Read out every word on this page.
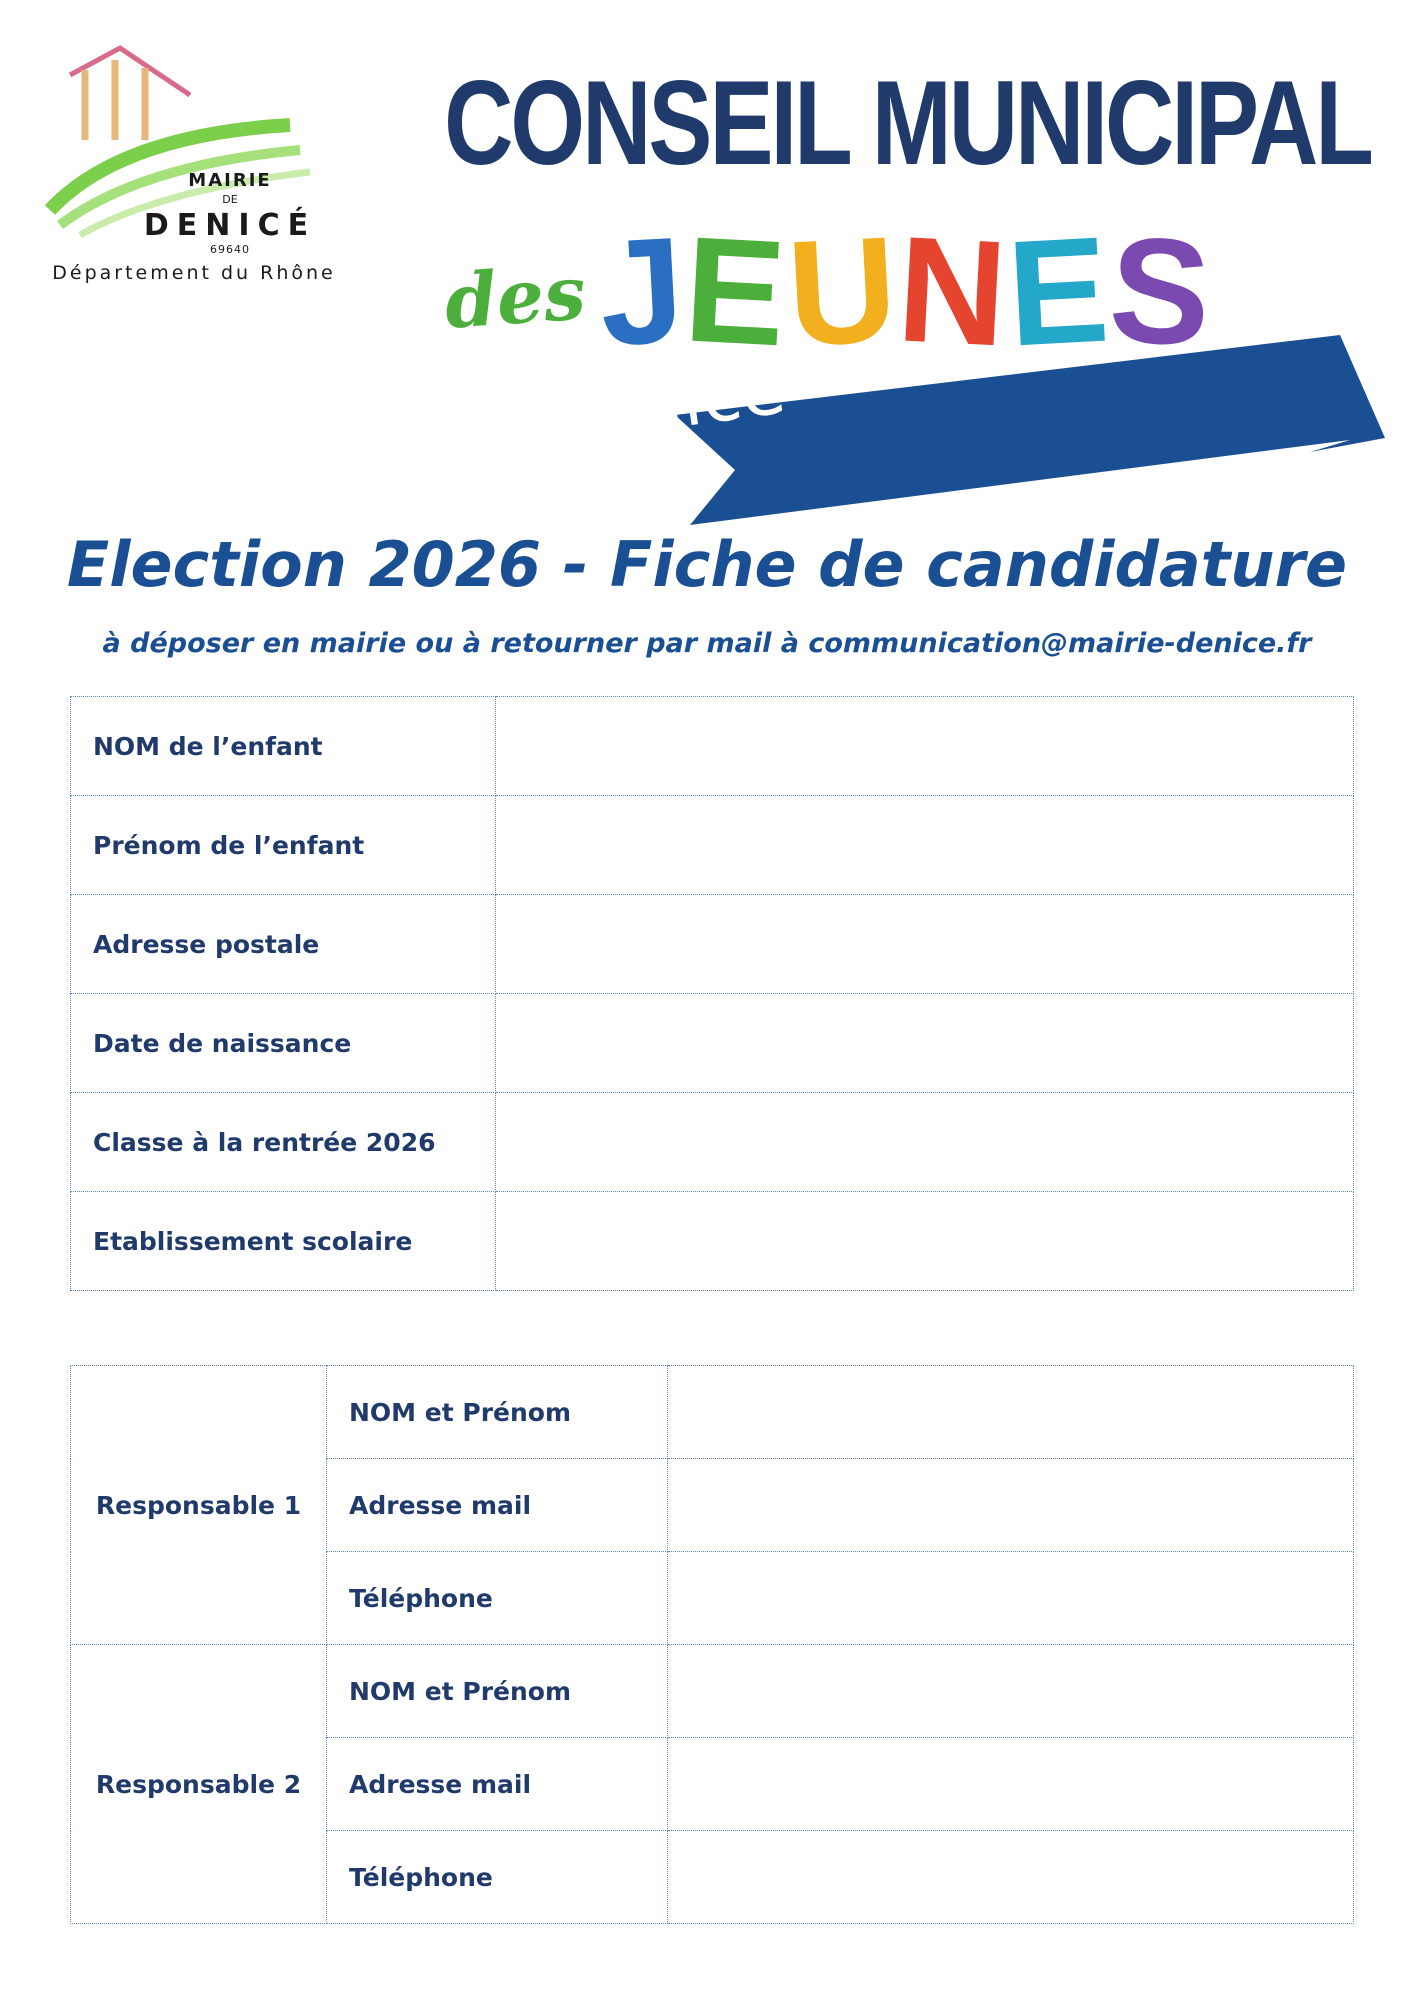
MAIRIE
DE
DENICÉ
69640
Département du Rhône
CONSEIL MUNICIPAL
des JEUNES
de Denicé
Election 2026 - Fiche de candidature
à déposer en mairie ou à retourner par mail à communication@mairie-denice.fr
NOM de l’enfant	
Prénom de l’enfant	
Adresse postale	
Date de naissance	
Classe à la rentrée 2026	
Etablissement scolaire	
Responsable 1	NOM et Prénom	
	Adresse mail	
	Téléphone	
Responsable 2	NOM et Prénom	
	Adresse mail	
	Téléphone	
